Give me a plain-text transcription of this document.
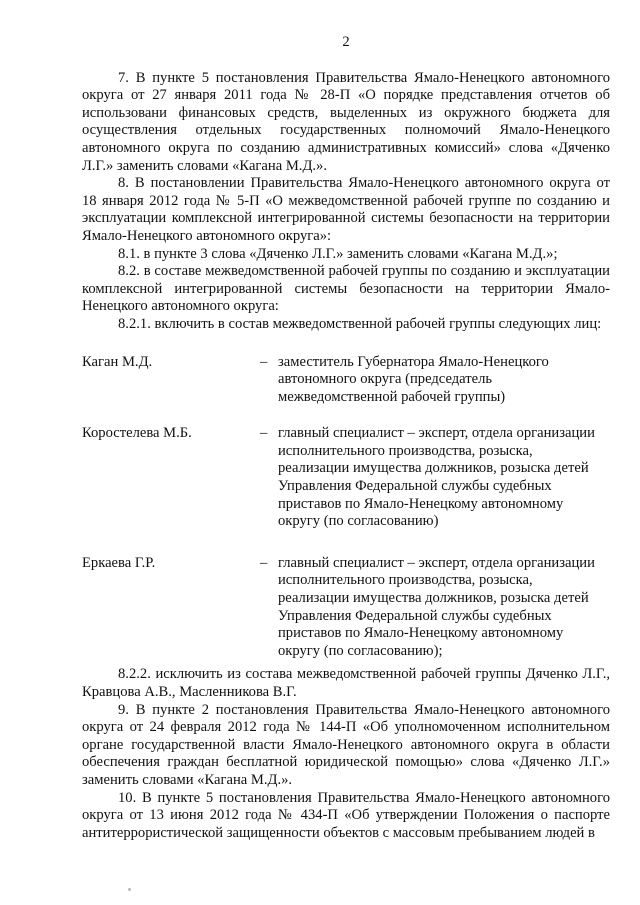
2

7. В пункте 5 постановления Правительства Ямало-Ненецкого автономного округа от 27 января 2011 года № 28-П «О порядке представления отчетов об использовани финансовых средств, выделенных из окружного бюджета для осуществления отдельных государственных полномочий Ямало-Ненецкого автономного округа по созданию административных комиссий» слова «Дяченко Л.Г.» заменить словами «Кагана М.Д.».

8. В постановлении Правительства Ямало-Ненецкого автономного округа от 18 января 2012 года № 5-П «О межведомственной рабочей группе по созданию и эксплуатации комплексной интегрированной системы безопасности на территории Ямало-Ненецкого автономного округа»:

8.1. в пункте 3 слова «Дяченко Л.Г.» заменить словами «Кагана М.Д.»;

8.2. в составе межведомственной рабочей группы по созданию и эксплуатации комплексной интегрированной системы безопасности на территории Ямало-Ненецкого автономного округа:

8.2.1. включить в состав межведомственной рабочей группы следующих лиц:

Каган М.Д.	– заместитель Губернатора Ямало-Ненецкого
автономного округа (председатель
межведомственной рабочей группы)
Коростелева М.Б.	– главный специалист – эксперт, отдела организации
исполнительного производства, розыска,
реализации имущества должников, розыска детей
Управления Федеральной службы судебных
приставов по Ямало-Ненецкому автономному
округу (по согласованию)
Еркаева Г.Р.	– главный специалист – эксперт, отдела организации
исполнительного производства, розыска,
реализации имущества должников, розыска детей
Управления Федеральной службы судебных
приставов по Ямало-Ненецкому автономному
округу (по согласованию);

8.2.2. исключить из состава межведомственной рабочей группы Дяченко Л.Г., Кравцова А.В., Масленникова В.Г.

9. В пункте 2 постановления Правительства Ямало-Ненецкого автономного округа от 24 февраля 2012 года № 144-П «Об уполномоченном исполнительном органе государственной власти Ямало-Ненецкого автономного округа в области обеспечения граждан бесплатной юридической помощью» слова «Дяченко Л.Г.» заменить словами «Кагана М.Д.».

10. В пункте 5 постановления Правительства Ямало-Ненецкого автономного округа от 13 июня 2012 года № 434-П «Об утверждении Положения о паспорте антитеррористической защищенности объектов с массовым пребыванием людей в
